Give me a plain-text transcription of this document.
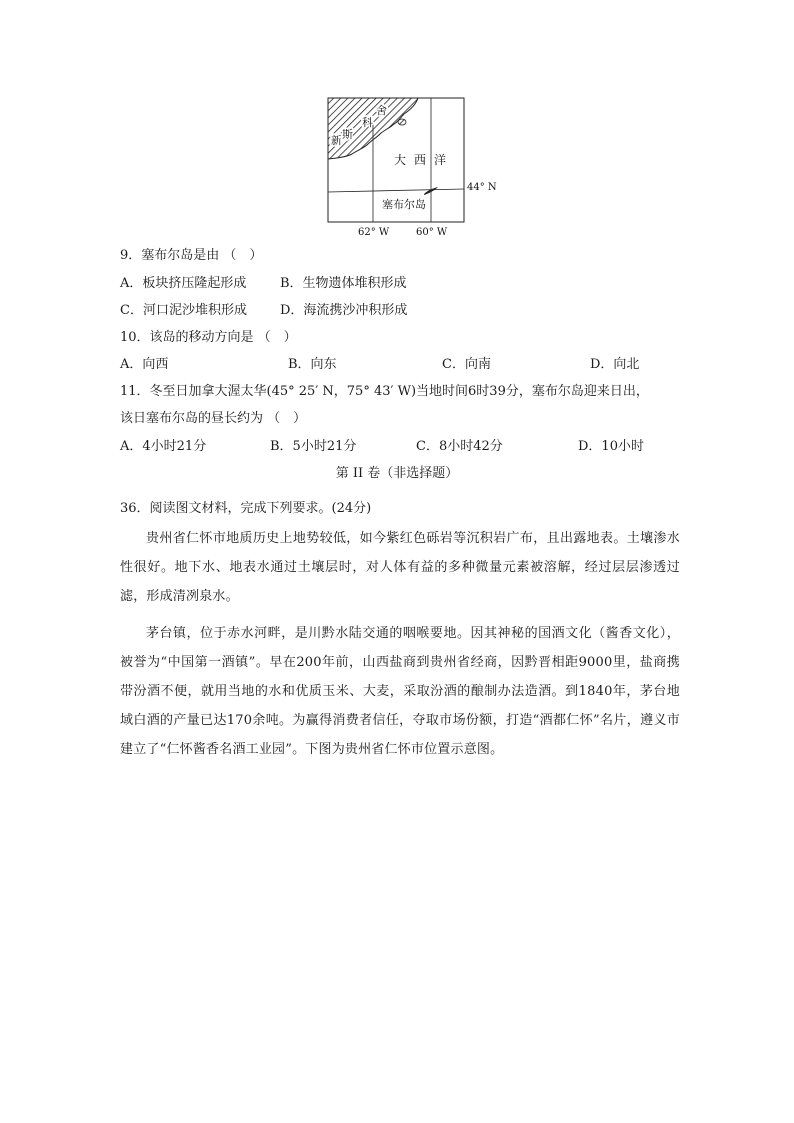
新 斯
科
舍
大 西 洋
44° N
塞布尔岛
62° W	60° W
9．塞布尔岛是由 （　）
A．板块挤压隆起形成	B．生物遗体堆积形成
C．河口泥沙堆积形成	D．海流携沙冲积形成
10．该岛的移动方向是 （　）
A．向西	B．向东	C．向南	D．向北
11．冬至日加拿大渥太华(45° 25′ N，75° 43′ W)当地时间6时39分，塞布尔岛迎来日出，
该日塞布尔岛的昼长约为 （　）
A．4小时21分	B．5小时21分	C．8小时42分	D．10小时
第 II 卷（非选择题）
36．阅读图文材料，完成下列要求。(24分)
贵州省仁怀市地质历史上地势较低，如今紫红色砾岩等沉积岩广布，且出露地表。土壤渗水性很好。地下水、地表水通过土壤层时，对人体有益的多种微量元素被溶解，经过层层渗透过滤，形成清冽泉水。
茅台镇，位于赤水河畔，是川黔水陆交通的咽喉要地。因其神秘的国酒文化（酱香文化），被誉为“中国第一酒镇”。早在200年前，山西盐商到贵州省经商，因黔晋相距9000里，盐商携带汾酒不便，就用当地的水和优质玉米、大麦，采取汾酒的酿制办法造酒。到1840年，茅台地域白酒的产量已达170余吨。为赢得消费者信任，夺取市场份额，打造“酒都仁怀”名片，遵义市建立了“仁怀酱香名酒工业园”。下图为贵州省仁怀市位置示意图。
